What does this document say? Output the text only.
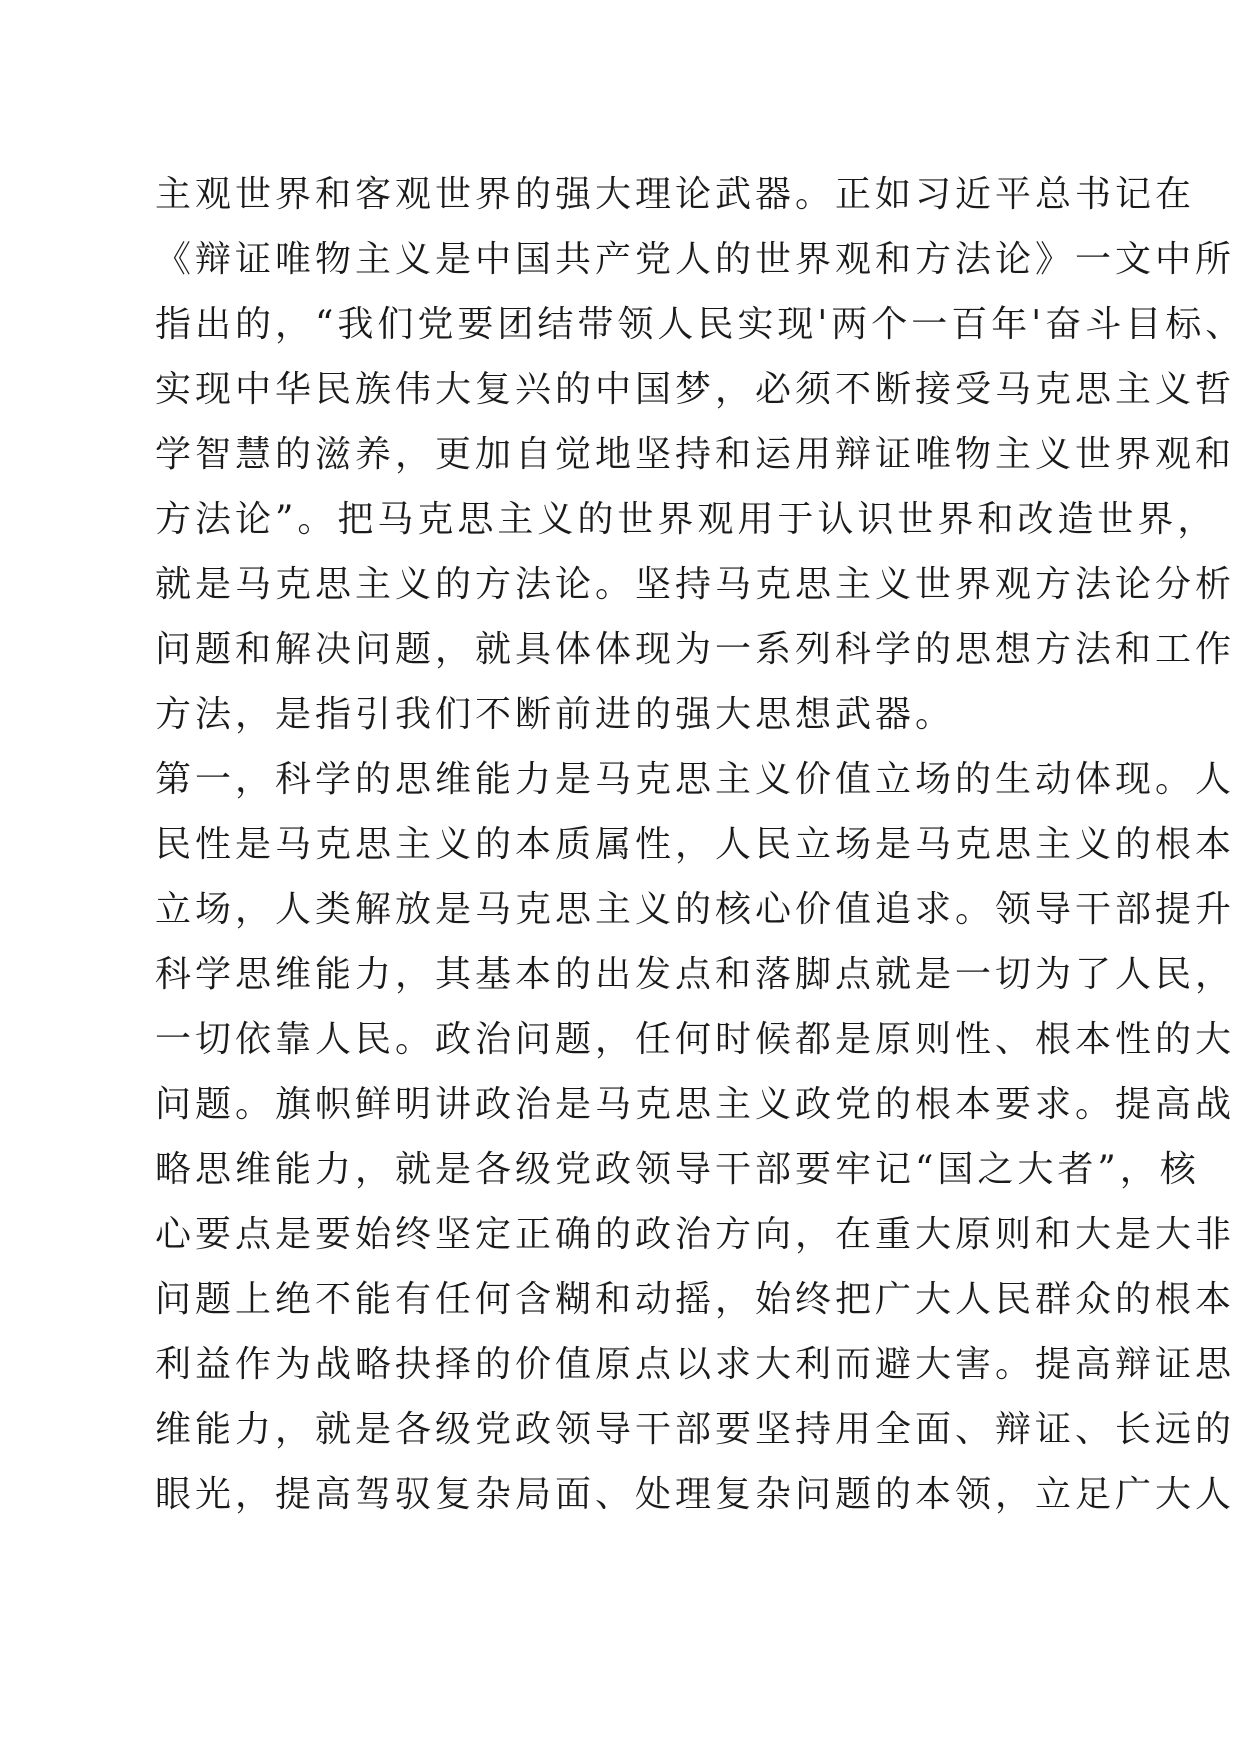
主观世界和客观世界的强大理论武器。正如习近平总书记在
《辩证唯物主义是中国共产党人的世界观和方法论》一文中所
指出的，“我们党要团结带领人民实现'两个一百年'奋斗目标、
实现中华民族伟大复兴的中国梦，必须不断接受马克思主义哲
学智慧的滋养，更加自觉地坚持和运用辩证唯物主义世界观和
方法论”。把马克思主义的世界观用于认识世界和改造世界，
就是马克思主义的方法论。坚持马克思主义世界观方法论分析
问题和解决问题，就具体体现为一系列科学的思想方法和工作
方法，是指引我们不断前进的强大思想武器。
第一，科学的思维能力是马克思主义价值立场的生动体现。人
民性是马克思主义的本质属性，人民立场是马克思主义的根本
立场，人类解放是马克思主义的核心价值追求。领导干部提升
科学思维能力，其基本的出发点和落脚点就是一切为了人民，
一切依靠人民。政治问题，任何时候都是原则性、根本性的大
问题。旗帜鲜明讲政治是马克思主义政党的根本要求。提高战
略思维能力，就是各级党政领导干部要牢记“国之大者”，核
心要点是要始终坚定正确的政治方向，在重大原则和大是大非
问题上绝不能有任何含糊和动摇，始终把广大人民群众的根本
利益作为战略抉择的价值原点以求大利而避大害。提高辩证思
维能力，就是各级党政领导干部要坚持用全面、辩证、长远的
眼光，提高驾驭复杂局面、处理复杂问题的本领，立足广大人
